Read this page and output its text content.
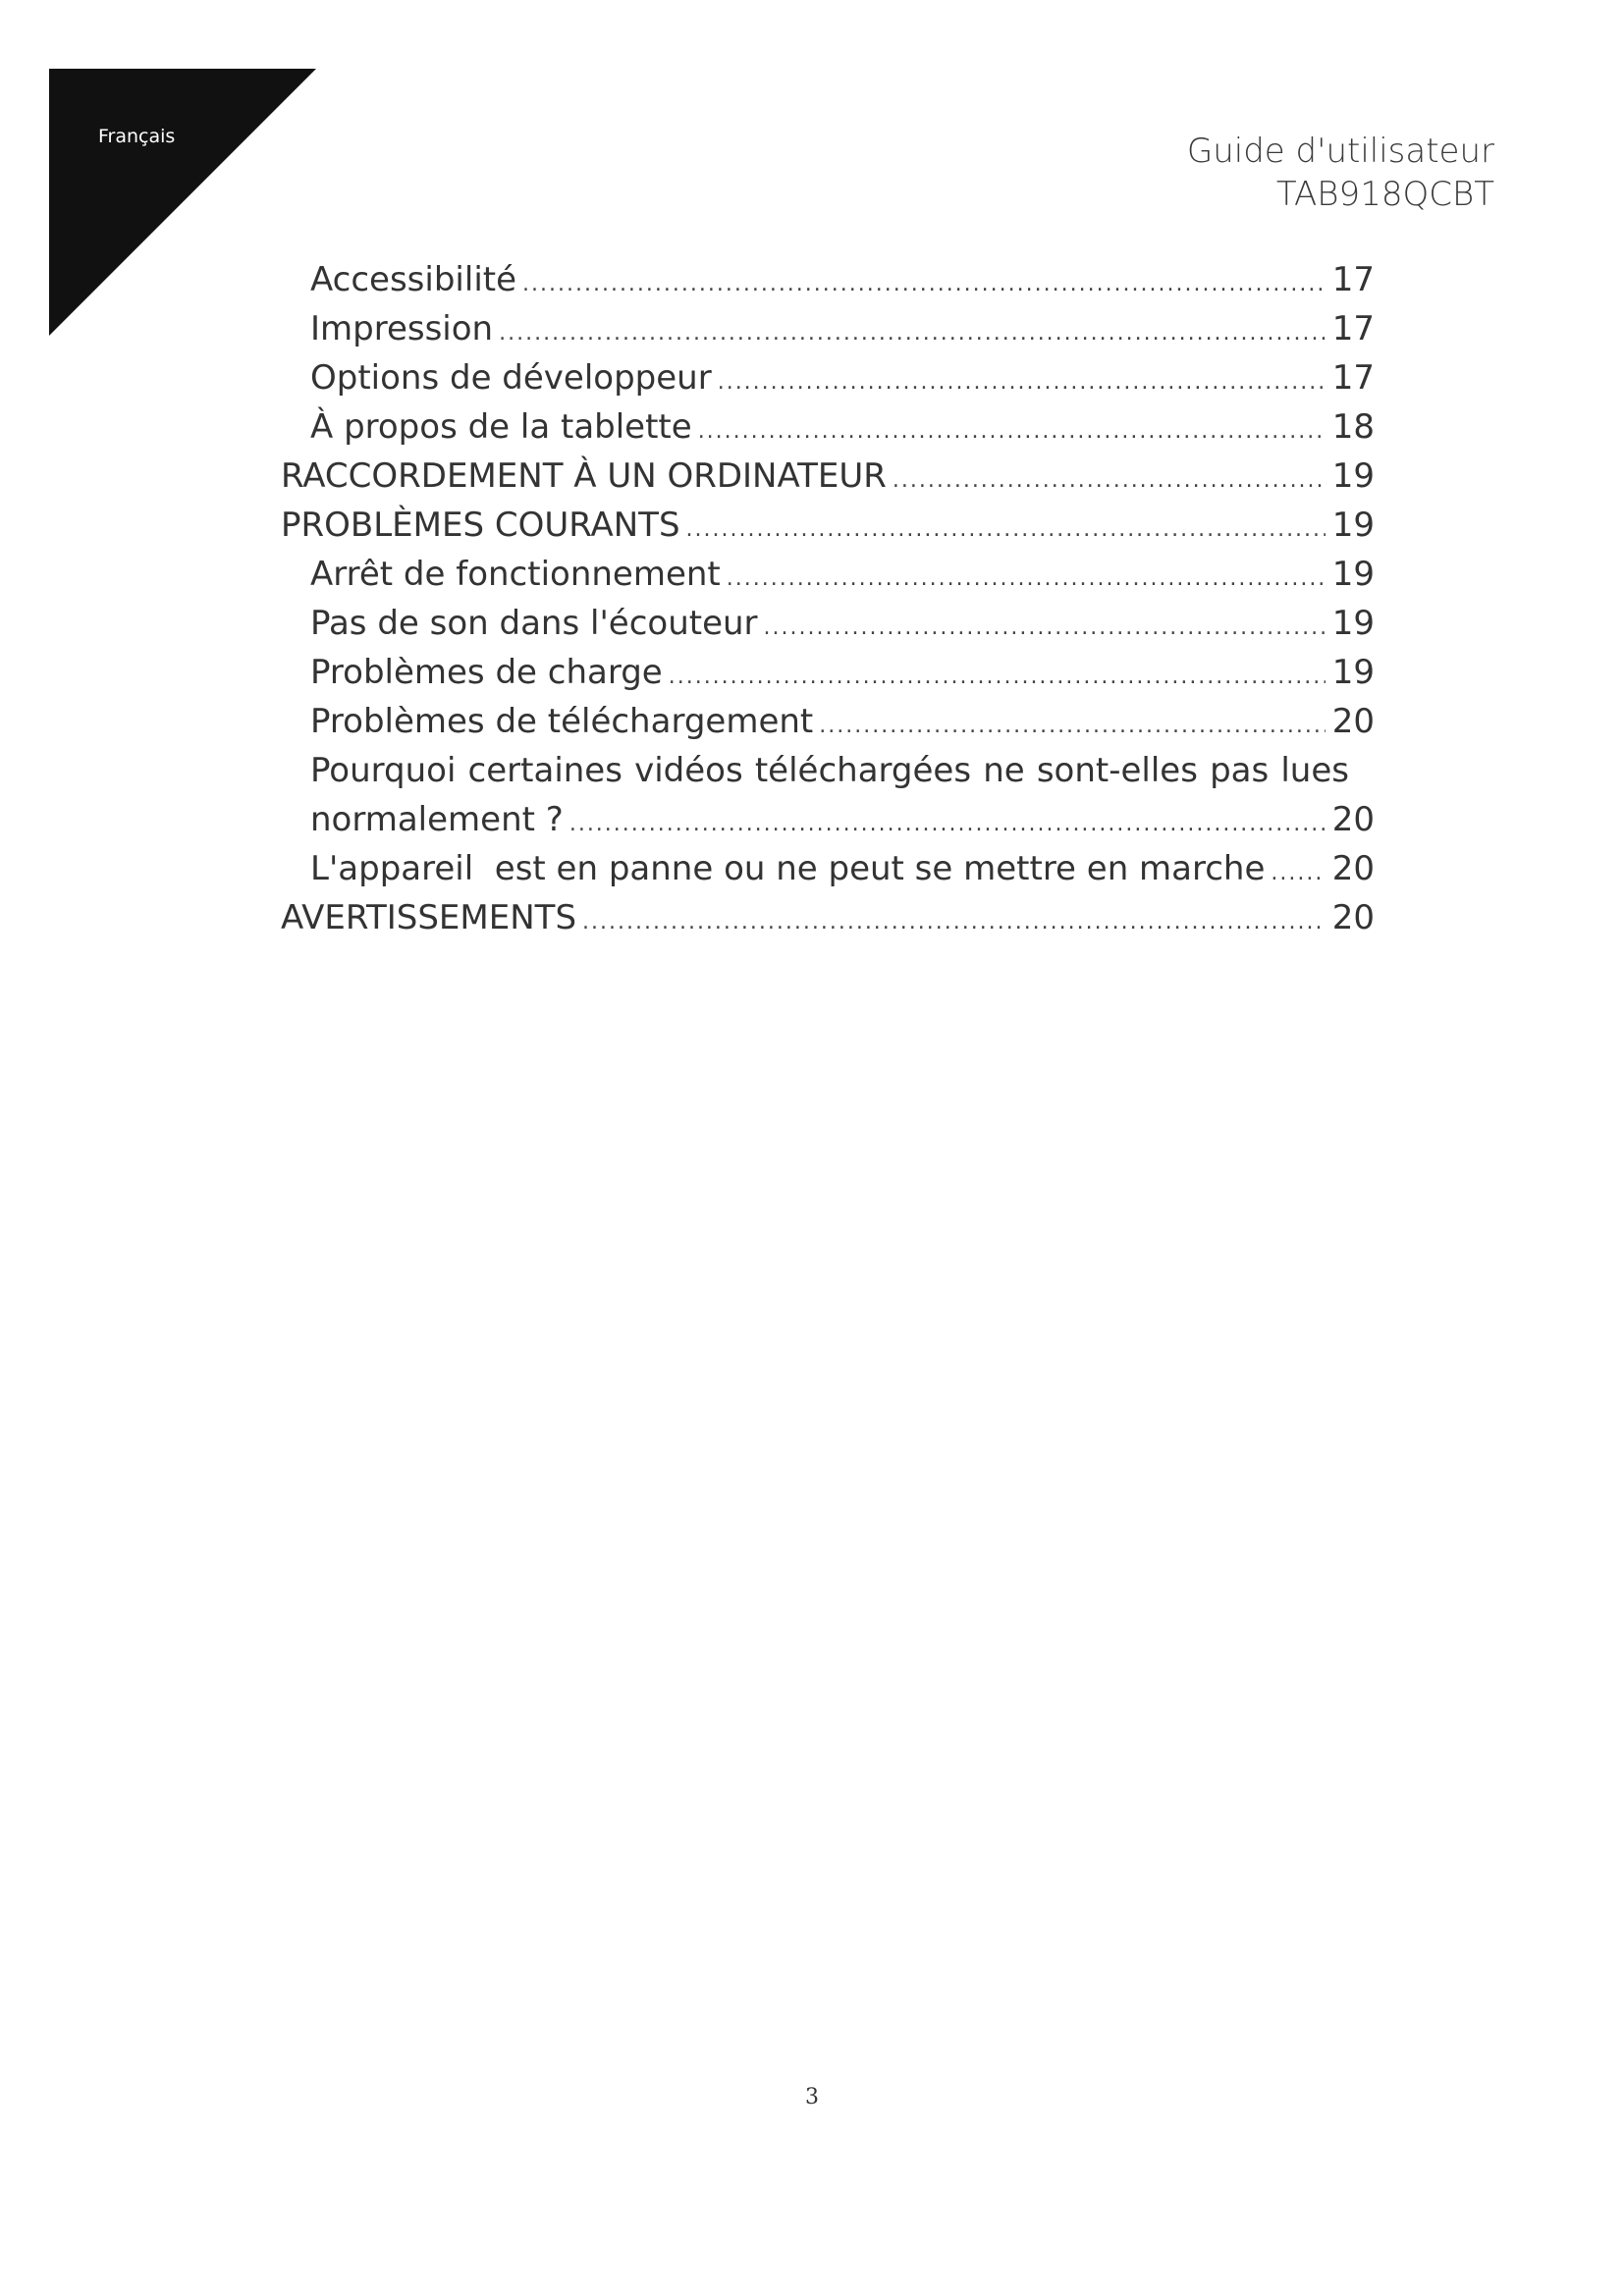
Français	Guide d'utilisateur
TAB918QCBT
Accessibilité .....	17
Impression .....	17
Options de développeur .....	17
À propos de la tablette .....	18
RACCORDEMENT À UN ORDINATEUR .....	19
PROBLÈMES COURANTS .....	19
Arrêt de fonctionnement .....	19
Pas de son dans l'écouteur .....	19
Problèmes de charge .....	19
Problèmes de téléchargement .....	20
Pourquoi certaines vidéos téléchargées ne sont-elles pas lues
normalement ? .....	20
L'appareil  est en panne ou ne peut se mettre en marche ..... 20
AVERTISSEMENTS .....	20
3
